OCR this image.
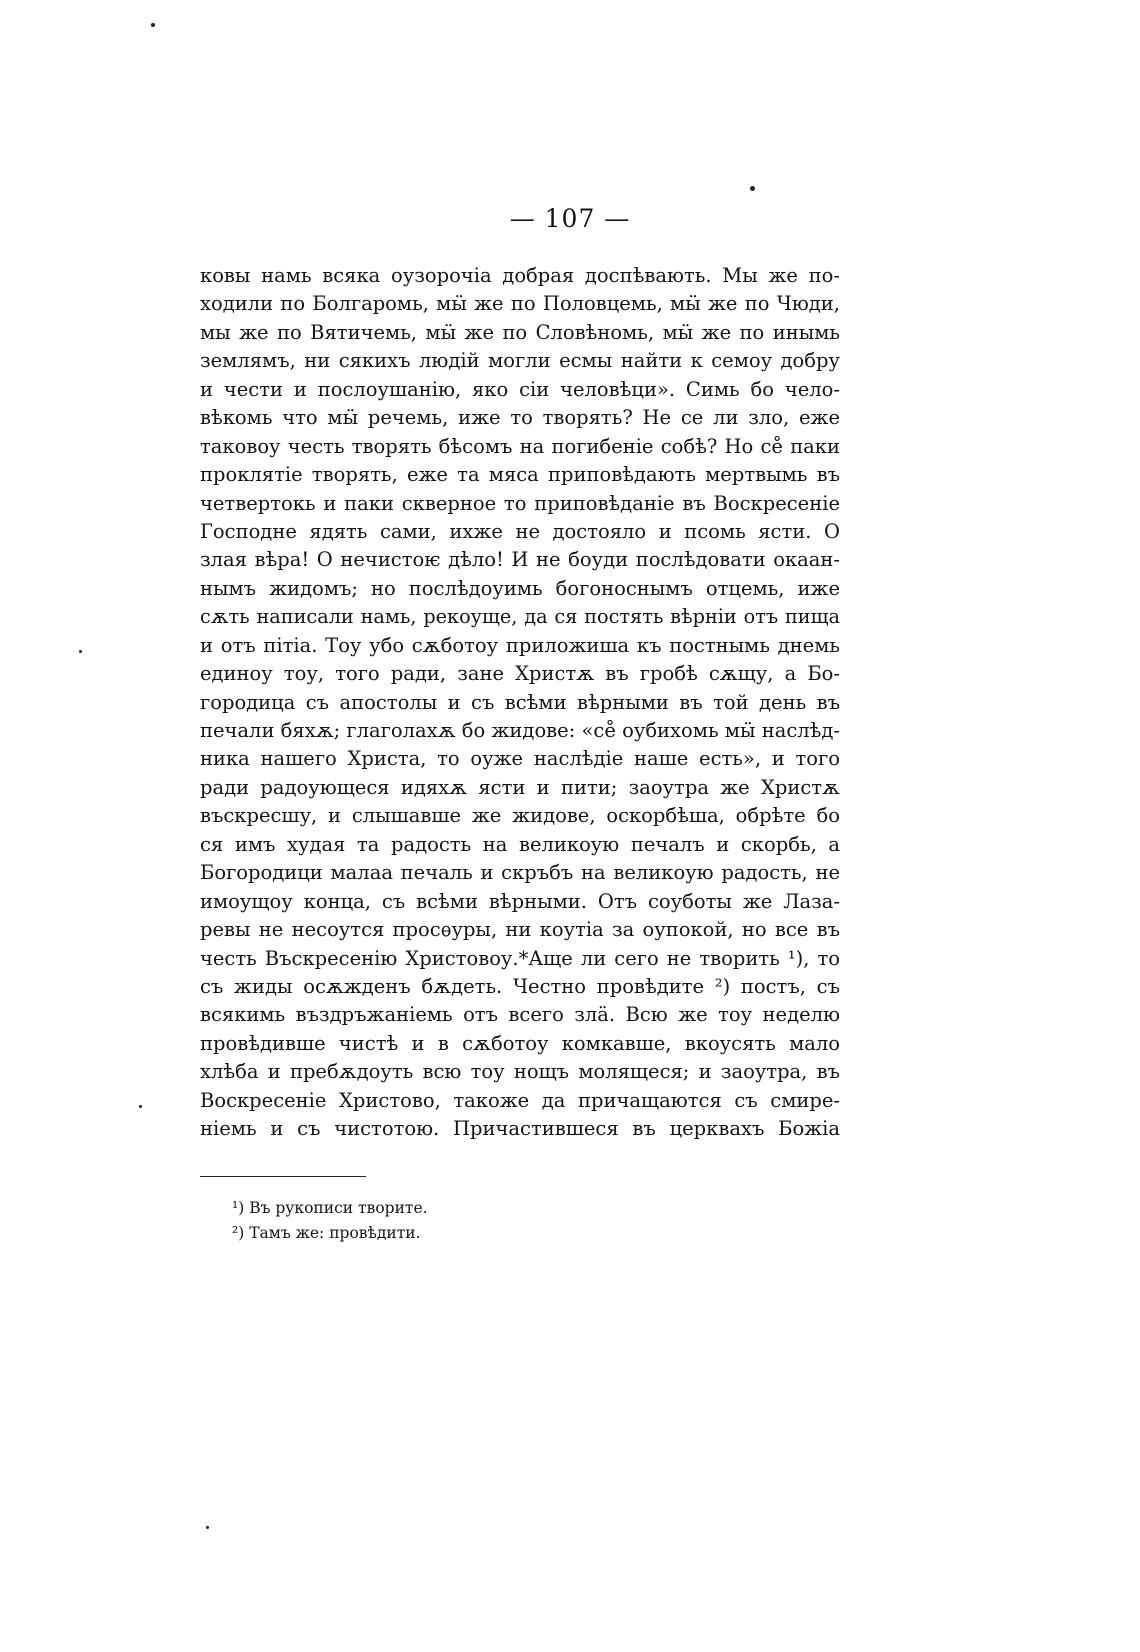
— 107 —
ковы намь всяка оузорочіа добрая доспѣвають. Мы же по-
ходили по Болгаромь, мӹ же по Половцемь, мӹ же по Чюди,
мы же по Вятичемь, мӹ же по Словѣномь, мӹ же по инымь
землямъ, ни сякихъ людій могли есмы найти к семоу добру
и чести и послоушанію, яко сіи человѣци». Симь бо чело-
вѣкомь что мӹ речемь, иже то творять? Не се ли зло, еже
таковоу честь творять бѣсомъ на погибеніе собѣ? Но се̊ паки
проклятіе творять, еже та мяса приповѣдають мертвымь въ
четвертокь и паки скверное то приповѣданіе въ Воскресеніе
Господне ядять сами, ихже не достояло и псомь ясти. О
злая вѣра! О нечистоѥ дѣло! И не боуди послѣдовати окаан-
нымъ жидомъ; но послѣдоуимь богоноснымъ отцемь, иже
сѫть написали намь, рекоуще, да ся постять вѣрніи отъ пища
и отъ пітіа. Тоу убо сѫботоу приложиша къ постнымь днемь
единоу тоу, того ради, зане Христѫ въ гробѣ сѫщу, а Бо-
городица съ апостолы и съ всѣми вѣрными въ той день въ
печали бяхѫ; глаголахѫ бо жидове: «се̊ оубихомь мӹ наслѣд-
ника нашего Христа, то оуже наслѣдіе наше есть», и того
ради радоующеся идяхѫ ясти и пити; заоутра же Христѫ
въскресшу, и слышавше же жидове, оскорбѣша, обрѣте бо
ся имъ худая та радость на великоую печалъ и скорбь, а
Богородици малаа печаль и скръбъ на великоую радость, не
имоущоу конца, съ всѣми вѣрными. Отъ соуботы же Лаза-
ревы не несоутся просѳуры, ни коутіа за оупокой, но все въ
честь Въскресенію Христовоу.*Аще ли сего не творить ¹), то
съ жиды осѫжденъ бѫдеть. Честно провѣдите ²) постъ, съ
всякимь въздръжаніемь отъ всего злӓ. Всю же тоу неделю
провѣдивше чистѣ и в сѫботоу комкавше, вкоусять мало
хлѣба и пребѫдоуть всю тоу нощъ молящеся; и заоутра, въ
Воскресеніе Христово, такоже да причащаются съ смире-
ніемь и съ чистотою. Причастившеся въ церквахъ Божіа
¹) Въ рукописи творите.
²) Тамъ же: провѣдити.
